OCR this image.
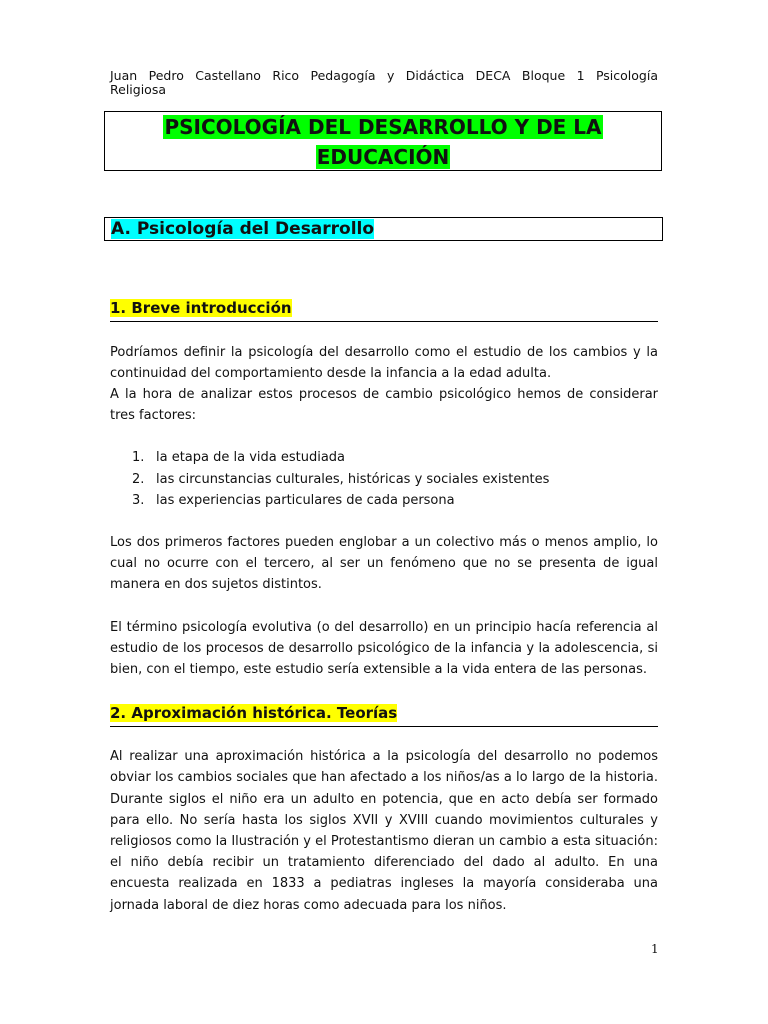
Juan Pedro Castellano Rico Pedagogía y Didáctica DECA Bloque 1 Psicología
Religiosa
PSICOLOGÍA DEL DESARROLLO Y DE LA
EDUCACIÓN
A. Psicología del Desarrollo
1. Breve introducción
Podríamos definir la psicología del desarrollo como el estudio de los cambios y la
continuidad del comportamiento desde la infancia a la edad adulta.
A la hora de analizar estos procesos de cambio psicológico hemos de considerar
tres factores:
1. la etapa de la vida estudiada
2. las circunstancias culturales, históricas y sociales existentes
3. las experiencias particulares de cada persona
Los dos primeros factores pueden englobar a un colectivo más o menos amplio, lo
cual no ocurre con el tercero, al ser un fenómeno que no se presenta de igual
manera en dos sujetos distintos.
El término psicología evolutiva (o del desarrollo) en un principio hacía referencia al
estudio de los procesos de desarrollo psicológico de la infancia y la adolescencia, si
bien, con el tiempo, este estudio sería extensible a la vida entera de las personas.
2. Aproximación histórica. Teorías
Al realizar una aproximación histórica a la psicología del desarrollo no podemos
obviar los cambios sociales que han afectado a los niños/as a lo largo de la historia.
Durante siglos el niño era un adulto en potencia, que en acto debía ser formado
para ello. No sería hasta los siglos XVII y XVIII cuando movimientos culturales y
religiosos como la Ilustración y el Protestantismo dieran un cambio a esta situación:
el niño debía recibir un tratamiento diferenciado del dado al adulto. En una
encuesta realizada en 1833 a pediatras ingleses la mayoría consideraba una
jornada laboral de diez horas como adecuada para los niños.
1
